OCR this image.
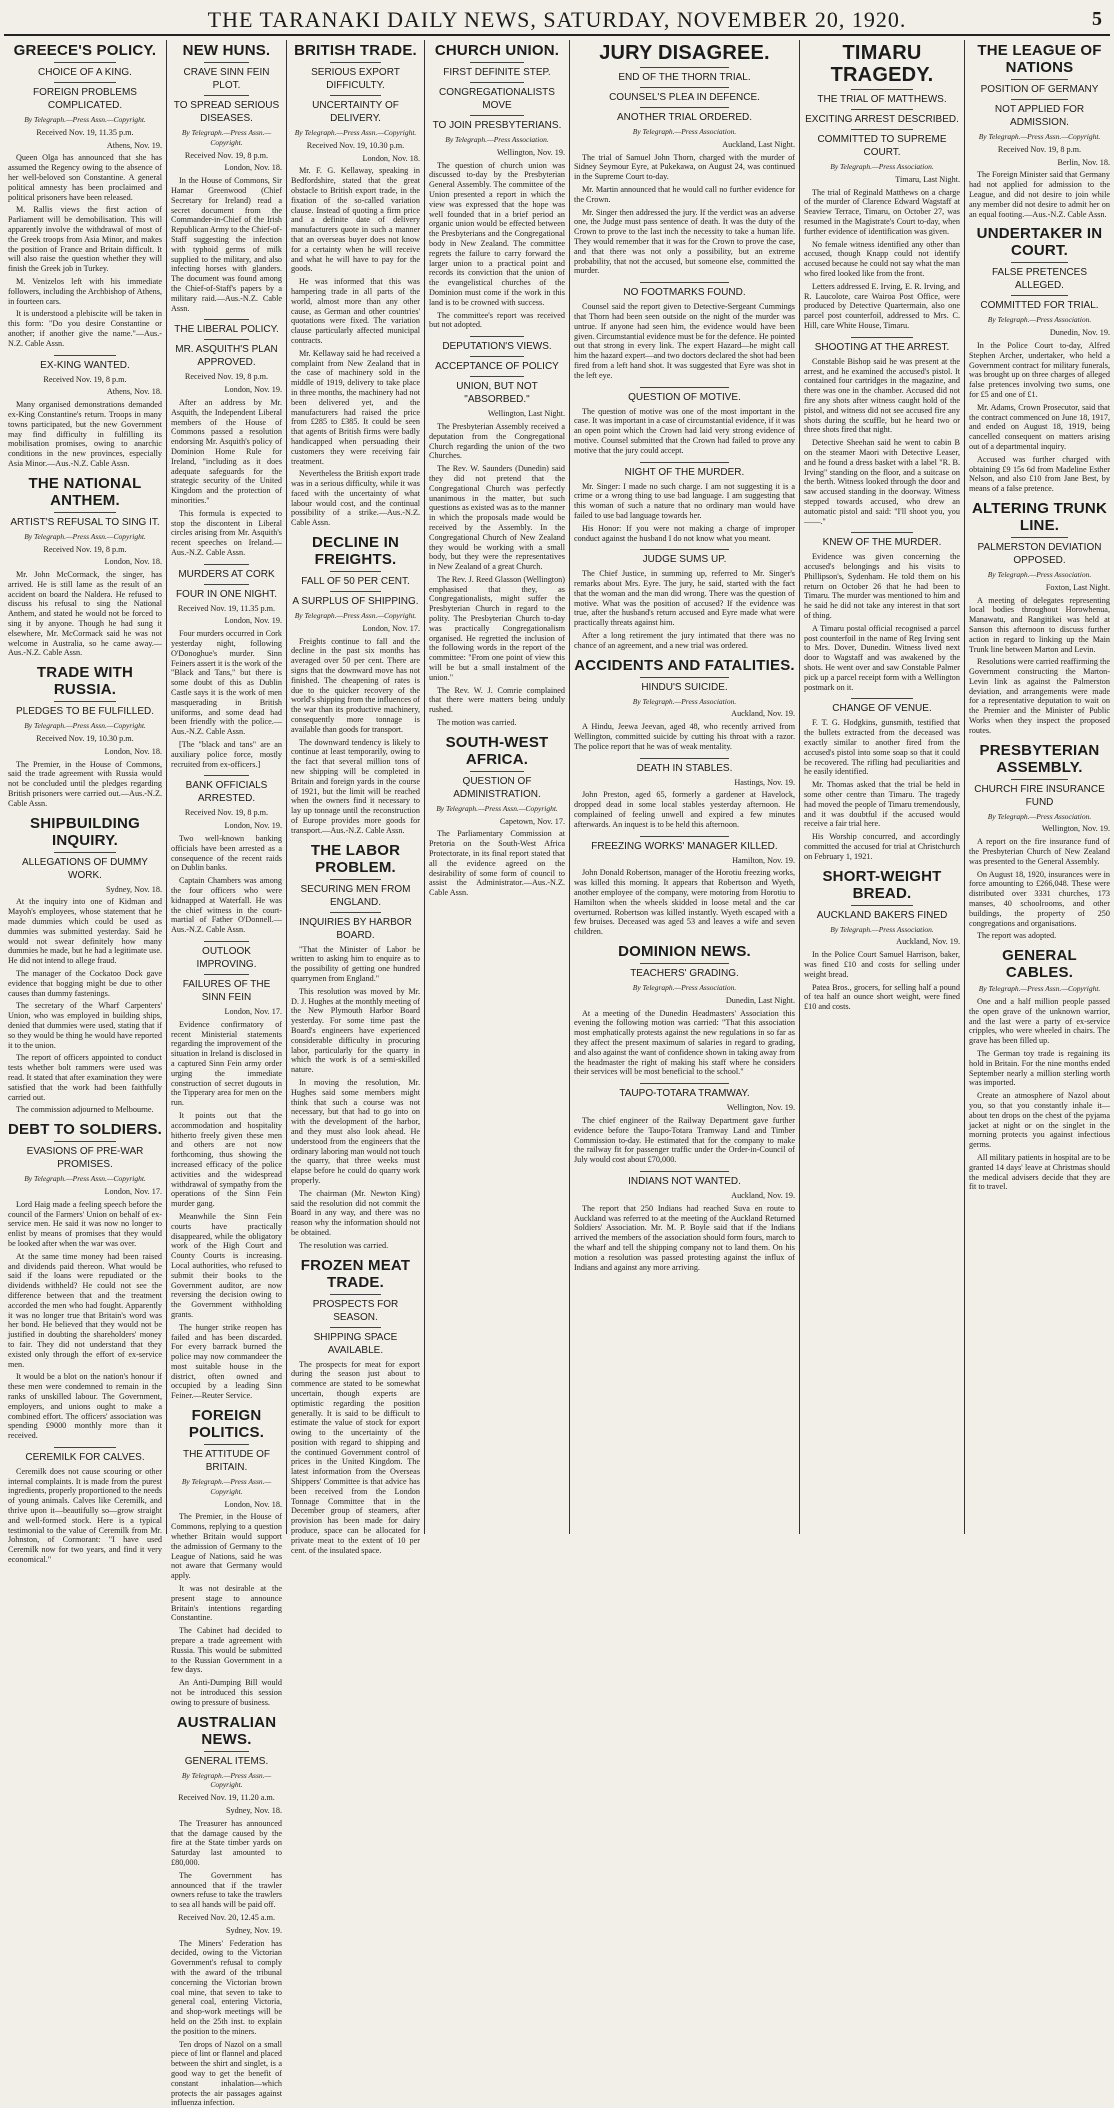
THE TARANAKI DAILY NEWS, SATURDAY, NOVEMBER 20, 1920.	5
GREECE'S POLICY.
CHOICE OF A KING.
FOREIGN PROBLEMS COMPLICATED.

By Telegraph.—Press Assn.—Copyright.

Received Nov. 19, 11.35 p.m.

Athens, Nov. 19.

Queen Olga has announced that she has assumed the Regency owing to the absence of her well-beloved son Constantine. A general political amnesty has been proclaimed and political prisoners have been released.

M. Rallis views the first action of Parliament will be demobilisation. This will apparently involve the withdrawal of most of the Greek troops from Asia Minor, and makes the position of France and Britain difficult. It will also raise the question whether they will finish the Greek job in Turkey.

M. Venizelos left with his immediate followers, including the Archbishop of Athens, in fourteen cars.

It is understood a plebiscite will be taken in this form: "Do you desire Constantine or another; if another give the name."—Aus.-N.Z. Cable Assn.

EX-KING WANTED.

Received Nov. 19, 8 p.m.

Athens, Nov. 18.

Many organised demonstrations demanded ex-King Constantine's return. Troops in many towns participated, but the new Government may find difficulty in fulfilling its mobilisation promises, owing to anarchic conditions in the new provinces, especially Asia Minor.—Aus.-N.Z. Cable Assn.

THE NATIONAL ANTHEM.
ARTIST'S REFUSAL TO SING IT.

By Telegraph.—Press Assn.—Copyright.

Received Nov. 19, 8 p.m.

London, Nov. 18.

Mr. John McCormack, the singer, has arrived. He is still lame as the result of an accident on board the Naldera. He refused to discuss his refusal to sing the National Anthem, and stated he would not be forced to sing it by anyone. Though he had sung it elsewhere, Mr. McCormack said he was not welcome in Australia, so he came away.—Aus.-N.Z. Cable Assn.

TRADE WITH RUSSIA.
PLEDGES TO BE FULFILLED.

By Telegraph.—Press Assn.—Copyright.

Received Nov. 19, 10.30 p.m.

London, Nov. 18.

The Premier, in the House of Commons, said the trade agreement with Russia would not be concluded until the pledges regarding British prisoners were carried out.—Aus.-N.Z. Cable Assn.

SHIPBUILDING INQUIRY.
ALLEGATIONS OF DUMMY WORK.

Sydney, Nov. 18.

At the inquiry into one of Kidman and Mayoh's employees, whose statement that he made dummies which could be used as dummies was submitted yesterday. Said he would not swear definitely how many dummies he made, but he had a legitimate use. He did not intend to allege fraud.

The manager of the Cockatoo Dock gave evidence that bogging might be due to other causes than dummy fastenings.

The secretary of the Wharf Carpenters' Union, who was employed in building ships, denied that dummies were used, stating that if so they would be thing he would have reported it to the union.

The report of officers appointed to conduct tests whether bolt rammers were used was read. It stated that after examination they were satisfied that the work had been faithfully carried out.

The commission adjourned to Melbourne.

DEBT TO SOLDIERS.
EVASIONS OF PRE-WAR PROMISES.

By Telegraph.—Press Assn.—Copyright.

London, Nov. 17.

Lord Haig made a feeling speech before the council of the Farmers' Union on behalf of ex-service men. He said it was now no longer to enlist by means of promises that they would be looked after when the war was over.

At the same time money had been raised and dividends paid thereon. What would be said if the loans were repudiated or the dividends withheld? He could not see the difference between that and the treatment accorded the men who had fought. Apparently it was no longer true that Britain's word was her bond. He believed that they would not be justified in doubting the shareholders' money to fair. They did not understand that they existed only through the effort of ex-service men.

It would be a blot on the nation's honour if these men were condemned to remain in the ranks of unskilled labour. The Government, employers, and unions ought to make a combined effort. The officers' association was spending £9000 monthly more than it received.

CEREMILK FOR CALVES.

Ceremilk does not cause scouring or other internal complaints. It is made from the purest ingredients, properly proportioned to the needs of young animals. Calves like Ceremilk, and thrive upon it—beautifully so—grow straight and well-formed stock. Here is a typical testimonial to the value of Ceremilk from Mr. Johnston, of Cormorant: "I have used Ceremilk now for two years, and find it very economical."

NEW HUNS.
CRAVE SINN FEIN PLOT.
TO SPREAD SERIOUS DISEASES.

By Telegraph.—Press Assn.—Copyright.

Received Nov. 19, 8 p.m.

London, Nov. 18.

In the House of Commons, Sir Hamar Greenwood (Chief Secretary for Ireland) read a secret document from the Commander-in-Chief of the Irish Republican Army to the Chief-of-Staff suggesting the infection with typhoid germs of milk supplied to the military, and also infecting horses with glanders. The document was found among the Chief-of-Staff's papers by a military raid.—Aus.-N.Z. Cable Assn.

THE LIBERAL POLICY.
MR. ASQUITH'S PLAN APPROVED.

Received Nov. 19, 8 p.m.

London, Nov. 19.

After an address by Mr. Asquith, the Independent Liberal members of the House of Commons passed a resolution endorsing Mr. Asquith's policy of Dominion Home Rule for Ireland, "including as it does adequate safeguards for the strategic security of the United Kingdom and the protection of minorities."

This formula is expected to stop the discontent in Liberal circles arising from Mr. Asquith's recent speeches on Ireland.—Aus.-N.Z. Cable Assn.

MURDERS AT CORK
FOUR IN ONE NIGHT.

Received Nov. 19, 11.35 p.m.

London, Nov. 19.

Four murders occurred in Cork yesterday night, following O'Donoghue's murder. Sinn Feiners assert it is the work of the "Black and Tans," but there is some doubt of this as Dublin Castle says it is the work of men masquerading in British uniforms, and some dead had been friendly with the police.—Aus.-N.Z. Cable Assn.

[The "black and tans" are an auxiliary police force, mostly recruited from ex-officers.]

BANK OFFICIALS ARRESTED.

Received Nov. 19, 8 p.m.

London, Nov. 19.

Two well-known banking officials have been arrested as a consequence of the recent raids on Dublin banks.

Captain Chambers was among the four officers who were kidnapped at Waterfall. He was the chief witness in the court-martial of Father O'Donnell.—Aus.-N.Z. Cable Assn.

OUTLOOK IMPROVING.
FAILURES OF THE SINN FEIN

London, Nov. 17.

Evidence confirmatory of recent Ministerial statements regarding the improvement of the situation in Ireland is disclosed in a captured Sinn Fein army order urging the immediate construction of secret dugouts in the Tipperary area for men on the run.

It points out that the accommodation and hospitality hitherto freely given these men and others are not now forthcoming, thus showing the increased efficacy of the police activities and the widespread withdrawal of sympathy from the operations of the Sinn Fein murder gang.

Meanwhile the Sinn Fein courts have practically disappeared, while the obligatory work of the High Court and County Courts is increasing. Local authorities, who refused to submit their books to the Government auditor, are now reversing the decision owing to the Government withholding grants.

The hunger strike reopen has failed and has been discarded. For every barrack burned the police may now commandeer the most suitable house in the district, often owned and occupied by a leading Sinn Feiner.—Reuter Service.

FOREIGN POLITICS.
THE ATTITUDE OF BRITAIN.

By Telegraph.—Press Assn.—Copyright.

London, Nov. 18.

The Premier, in the House of Commons, replying to a question whether Britain would support the admission of Germany to the League of Nations, said he was not aware that Germany would apply.

It was not desirable at the present stage to announce Britain's intentions regarding Constantine.

The Cabinet had decided to prepare a trade agreement with Russia. This would be submitted to the Russian Government in a few days.

An Anti-Dumping Bill would not be introduced this session owing to pressure of business.

AUSTRALIAN NEWS.
GENERAL ITEMS.

By Telegraph.—Press Assn.—Copyright.

Received Nov. 19, 11.20 a.m.

Sydney, Nov. 18.

The Treasurer has announced that the damage caused by the fire at the State timber yards on Saturday last amounted to £80,000.

The Government has announced that if the trawler owners refuse to take the trawlers to sea all hands will be paid off.

Received Nov. 20, 12.45 a.m.

Sydney, Nov. 19.

The Miners' Federation has decided, owing to the Victorian Government's refusal to comply with the award of the tribunal concerning the Victorian brown coal mine, that seven to take to general coal, entering Victoria, and shop-work meetings will be held on the 25th inst. to explain the position to the miners.

Ten drops of Nazol on a small piece of lint or flannel and placed between the shirt and singlet, is a good way to get the benefit of constant inhalation—which protects the air passages against influenza infection.

BRITISH TRADE.
SERIOUS EXPORT DIFFICULTY.
UNCERTAINTY OF DELIVERY.

By Telegraph.—Press Assn.—Copyright.

Received Nov. 19, 10.30 p.m.

London, Nov. 18.

Mr. F. G. Kellaway, speaking in Bedfordshire, stated that the great obstacle to British export trade, in the fixation of the so-called variation clause. Instead of quoting a firm price and a definite date of delivery manufacturers quote in such a manner that an overseas buyer does not know for a certainty when he will receive and what he will have to pay for the goods.

He was informed that this was hampering trade in all parts of the world, almost more than any other cause, as German and other countries' quotations were fixed. The variation clause particularly affected municipal contracts.

Mr. Kellaway said he had received a complaint from New Zealand that in the case of machinery sold in the middle of 1919, delivery to take place in three months, the machinery had not been delivered yet, and the manufacturers had raised the price from £285 to £385. It could be seen that agents of British firms were badly handicapped when persuading their customers they were receiving fair treatment.

Nevertheless the British export trade was in a serious difficulty, while it was faced with the uncertainty of what labour would cost, and the continual possibility of a strike.—Aus.-N.Z. Cable Assn.

DECLINE IN FREIGHTS.
FALL OF 50 PER CENT.
A SURPLUS OF SHIPPING.

By Telegraph.—Press Assn.—Copyright.

London, Nov. 17.

Freights continue to fall and the decline in the past six months has averaged over 50 per cent. There are signs that the downward move has not finished. The cheapening of rates is due to the quicker recovery of the world's shipping from the influences of the war than its productive machinery, consequently more tonnage is available than goods for transport.

The downward tendency is likely to continue at least temporarily, owing to the fact that several million tons of new shipping will be completed in Britain and foreign yards in the course of 1921, but the limit will be reached when the owners find it necessary to lay up tonnage until the reconstruction of Europe provides more goods for transport.—Aus.-N.Z. Cable Assn.

THE LABOR PROBLEM.
SECURING MEN FROM ENGLAND.
INQUIRIES BY HARBOR BOARD.

"That the Minister of Labor be written to asking him to enquire as to the possibility of getting one hundred quarrymen from England."

This resolution was moved by Mr. D. J. Hughes at the monthly meeting of the New Plymouth Harbor Board yesterday. For some time past the Board's engineers have experienced considerable difficulty in procuring labor, particularly for the quarry in which the work is of a semi-skilled nature.

In moving the resolution, Mr. Hughes said some members might think that such a course was not necessary, but that had to go into on with the development of the harbor, and they must also look ahead. He understood from the engineers that the ordinary laboring man would not touch the quarry, that three weeks must elapse before he could do quarry work properly.

The chairman (Mr. Newton King) said the resolution did not commit the Board in any way, and there was no reason why the information should not be obtained.

The resolution was carried.

FROZEN MEAT TRADE.
PROSPECTS FOR SEASON.
SHIPPING SPACE AVAILABLE.

The prospects for meat for export during the season just about to commence are stated to be somewhat uncertain, though experts are optimistic regarding the position generally. It is said to be difficult to estimate the value of stock for export owing to the uncertainty of the position with regard to shipping and the continued Government control of prices in the United Kingdom. The latest information from the Overseas Shippers' Committee is that advice has been received from the London Tonnage Committee that in the December group of steamers, after provision has been made for dairy produce, space can be allocated for private meat to the extent of 10 per cent. of the insulated space.

CHURCH UNION.
FIRST DEFINITE STEP.
CONGREGATIONALISTS MOVE
TO JOIN PRESBYTERIANS.

By Telegraph.—Press Association.

Wellington, Nov. 19.

The question of church union was discussed to-day by the Presbyterian General Assembly. The committee of the Union presented a report in which the view was expressed that the hope was well founded that in a brief period an organic union would be effected between the Presbyterians and the Congregational body in New Zealand. The committee regrets the failure to carry forward the larger union to a practical point and records its conviction that the union of the evangelistical churches of the Dominion must come if the work in this land is to be crowned with success.

The committee's report was received but not adopted.

DEPUTATION'S VIEWS.
ACCEPTANCE OF POLICY
UNION, BUT NOT "ABSORBED."

Wellington, Last Night.

The Presbyterian Assembly received a deputation from the Congregational Church regarding the union of the two Churches.

The Rev. W. Saunders (Dunedin) said they did not pretend that the Congregational Church was perfectly unanimous in the matter, but such questions as existed was as to the manner in which the proposals made would be received by the Assembly. In the Congregational Church of New Zealand they would be working with a small body, but they were the representatives in New Zealand of a great Church.

The Rev. J. Reed Glasson (Wellington) emphasised that they, as Congregationalists, might suffer the Presbyterian Church in regard to the polity. The Presbyterian Church to-day was practically Congregationalism organised. He regretted the inclusion of the following words in the report of the committee: "From one point of view this will be but a small instalment of the union."

The Rev. W. J. Comrie complained that there were matters being unduly rushed.

The motion was carried.

SOUTH-WEST AFRICA.
QUESTION OF ADMINISTRATION.

By Telegraph.—Press Assn.—Copyright.

Capetown, Nov. 17.

The Parliamentary Commission at Pretoria on the South-West Africa Protectorate, in its final report stated that all the evidence agreed on the desirability of some form of council to assist the Administrator.—Aus.-N.Z. Cable Assn.

JURY DISAGREE.
END OF THE THORN TRIAL.
COUNSEL'S PLEA IN DEFENCE.
ANOTHER TRIAL ORDERED.

By Telegraph.—Press Association.

Auckland, Last Night.

The trial of Samuel John Thorn, charged with the murder of Sidney Seymour Eyre, at Pukekawa, on August 24, was continued in the Supreme Court to-day.

Mr. Martin announced that he would call no further evidence for the Crown.

Mr. Singer then addressed the jury. If the verdict was an adverse one, the Judge must pass sentence of death. It was the duty of the Crown to prove to the last inch the necessity to take a human life. They would remember that it was for the Crown to prove the case, and that there was not only a possibility, but an extreme probability, that not the accused, but someone else, committed the murder.

NO FOOTMARKS FOUND.

Counsel said the report given to Detective-Sergeant Cummings that Thorn had been seen outside on the night of the murder was untrue. If anyone had seen him, the evidence would have been given. Circumstantial evidence must be for the defence. He pointed out that strong in every link. The expert Hazard—he might call him the hazard expert—and two doctors declared the shot had been fired from a left hand shot. It was suggested that Eyre was shot in the left eye.

QUESTION OF MOTIVE.

The question of motive was one of the most important in the case. It was important in a case of circumstantial evidence, if it was an open point which the Crown had laid very strong evidence of motive. Counsel submitted that the Crown had failed to prove any motive that the jury could accept.

NIGHT OF THE MURDER.

Mr. Singer: I made no such charge. I am not suggesting it is a crime or a wrong thing to use bad language. I am suggesting that this woman of such a nature that no ordinary man would have failed to use bad language towards her.

His Honor: If you were not making a charge of improper conduct against the husband I do not know what you meant.

JUDGE SUMS UP.

The Chief Justice, in summing up, referred to Mr. Singer's remarks about Mrs. Eyre. The jury, he said, started with the fact that the woman and the man did wrong. There was the question of motive. What was the position of accused? If the evidence was true, after the husband's return accused and Eyre made what were practically threats against him.

After a long retirement the jury intimated that there was no chance of an agreement, and a new trial was ordered.

ACCIDENTS AND FATALITIES.
HINDU'S SUICIDE.

By Telegraph.—Press Association.

Auckland, Nov. 19.

A Hindu, Jeewa Jeevan, aged 48, who recently arrived from Wellington, committed suicide by cutting his throat with a razor. The police report that he was of weak mentality.

DEATH IN STABLES.

Hastings, Nov. 19.

John Preston, aged 65, formerly a gardener at Havelock, dropped dead in some local stables yesterday afternoon. He complained of feeling unwell and expired a few minutes afterwards. An inquest is to be held this afternoon.

FREEZING WORKS' MANAGER KILLED.

Hamilton, Nov. 19.

John Donald Robertson, manager of the Horotiu freezing works, was killed this morning. It appears that Robertson and Wyeth, another employee of the company, were motoring from Horotiu to Hamilton when the wheels skidded in loose metal and the car overturned. Robertson was killed instantly. Wyeth escaped with a few bruises. Deceased was aged 53 and leaves a wife and seven children.

DOMINION NEWS.
TEACHERS' GRADING.

By Telegraph.—Press Association.

Dunedin, Last Night.

At a meeting of the Dunedin Headmasters' Association this evening the following motion was carried: "That this association most emphatically protests against the new regulations in so far as they affect the present maximum of salaries in regard to grading, and also against the want of confidence shown in taking away from the headmaster the right of making his staff where he considers their services will be most beneficial to the school."

TAUPO-TOTARA TRAMWAY.

Wellington, Nov. 19.

The chief engineer of the Railway Department gave further evidence before the Taupo-Totara Tramway Land and Timber Commission to-day. He estimated that for the company to make the railway fit for passenger traffic under the Order-in-Council of July would cost about £70,000.

INDIANS NOT WANTED.

Auckland, Nov. 19.

The report that 250 Indians had reached Suva en route to Auckland was referred to at the meeting of the Auckland Returned Soldiers' Association. Mr. M. P. Boyle said that if the Indians arrived the members of the association should form fours, march to the wharf and tell the shipping company not to land them. On his motion a resolution was passed protesting against the influx of Indians and against any more arriving.

TIMARU TRAGEDY.
THE TRIAL OF MATTHEWS.
EXCITING ARREST DESCRIBED.
COMMITTED TO SUPREME COURT.

By Telegraph.—Press Association.

Timaru, Last Night.

The trial of Reginald Matthews on a charge of the murder of Clarence Edward Wagstaff at Seaview Terrace, Timaru, on October 27, was resumed in the Magistrate's Court to-day, when further evidence of identification was given.

No female witness identified any other than accused, though Knapp could not identify accused because he could not say what the man who fired looked like from the front.

Letters addressed E. Irving, E. R. Irving, and R. Laucolote, care Wairoa Post Office, were produced by Detective Quartermain, also one parcel post counterfoil, addressed to Mrs. C. Hill, care White House, Timaru.

SHOOTING AT THE ARREST.

Constable Bishop said he was present at the arrest, and he examined the accused's pistol. It contained four cartridges in the magazine, and there was one in the chamber. Accused did not fire any shots after witness caught hold of the pistol, and witness did not see accused fire any shots during the scuffle, but he heard two or three shots fired that night.

Detective Sheehan said he went to cabin B on the steamer Maori with Detective Leaser, and he found a dress basket with a label "R. B. Irving" standing on the floor, and a suitcase on the berth. Witness looked through the door and saw accused standing in the doorway. Witness stepped towards accused, who drew an automatic pistol and said: "I'll shoot you, you——."

KNEW OF THE MURDER.

Evidence was given concerning the accused's belongings and his visits to Phillipson's, Sydenham. He told them on his return on October 26 that he had been to Timaru. The murder was mentioned to him and he said he did not take any interest in that sort of thing.

A Timaru postal official recognised a parcel post counterfoil in the name of Reg Irving sent to Mrs. Dover, Dunedin. Witness lived next door to Wagstaff and was awakened by the shots. He went over and saw Constable Palmer pick up a parcel receipt form with a Wellington postmark on it.

CHANGE OF VENUE.

F. T. G. Hodgkins, gunsmith, testified that the bullets extracted from the deceased was exactly similar to another fired from the accused's pistol into some soap so that it could be recovered. The rifling had peculiarities and he easily identified.

Mr. Thomas asked that the trial be held in some other centre than Timaru. The tragedy had moved the people of Timaru tremendously, and it was doubtful if the accused would receive a fair trial here.

His Worship concurred, and accordingly committed the accused for trial at Christchurch on February 1, 1921.

SHORT-WEIGHT BREAD.
AUCKLAND BAKERS FINED

By Telegraph.—Press Association.

Auckland, Nov. 19.

In the Police Court Samuel Harrison, baker, was fined £10 and costs for selling under weight bread.

Patea Bros., grocers, for selling half a pound of tea half an ounce short weight, were fined £10 and costs.

THE LEAGUE OF NATIONS
POSITION OF GERMANY
NOT APPLIED FOR ADMISSION.

By Telegraph.—Press Assn.—Copyright.

Received Nov. 19, 8 p.m.

Berlin, Nov. 18.

The Foreign Minister said that Germany had not applied for admission to the League, and did not desire to join while any member did not desire to admit her on an equal footing.—Aus.-N.Z. Cable Assn.

UNDERTAKER IN COURT.
FALSE PRETENCES ALLEGED.
COMMITTED FOR TRIAL.

By Telegraph.—Press Association.

Dunedin, Nov. 19.

In the Police Court to-day, Alfred Stephen Archer, undertaker, who held a Government contract for military funerals, was brought up on three charges of alleged false pretences involving two sums, one for £5 and one of £1.

Mr. Adams, Crown Prosecutor, said that the contract commenced on June 18, 1917, and ended on August 18, 1919, being cancelled consequent on matters arising out of a departmental inquiry.

Accused was further charged with obtaining £9 15s 6d from Madeline Esther Nelson, and also £10 from Jane Best, by means of a false pretence.

ALTERING TRUNK LINE.
PALMERSTON DEVIATION OPPOSED.

By Telegraph.—Press Association.

Foxton, Last Night.

A meeting of delegates representing local bodies throughout Horowhenua, Manawatu, and Rangitikei was held at Sanson this afternoon to discuss further action in regard to linking up the Main Trunk line between Marton and Levin.

Resolutions were carried reaffirming the Government constructing the Marton-Levin link as against the Palmerston deviation, and arrangements were made for a representative deputation to wait on the Premier and the Minister of Public Works when they inspect the proposed routes.

PRESBYTERIAN ASSEMBLY.
CHURCH FIRE INSURANCE FUND

By Telegraph.—Press Association.

Wellington, Nov. 19.

A report on the fire insurance fund of the Presbyterian Church of New Zealand was presented to the General Assembly.

On August 18, 1920, insurances were in force amounting to £266,048. These were distributed over 3331 churches, 173 manses, 40 schoolrooms, and other buildings, the property of 250 congregations and organisations.

The report was adopted.

GENERAL CABLES.

By Telegraph.—Press Assn.—Copyright.

One and a half million people passed the open grave of the unknown warrior, and the last were a party of ex-service cripples, who were wheeled in chairs. The grave has been filled up.

The German toy trade is regaining its hold in Britain. For the nine months ended September nearly a million sterling worth was imported.

Create an atmosphere of Nazol about you, so that you constantly inhale it—about ten drops on the chest of the pyjama jacket at night or on the singlet in the morning protects you against infectious germs.

All military patients in hospital are to be granted 14 days' leave at Christmas should the medical advisers decide that they are fit to travel.
